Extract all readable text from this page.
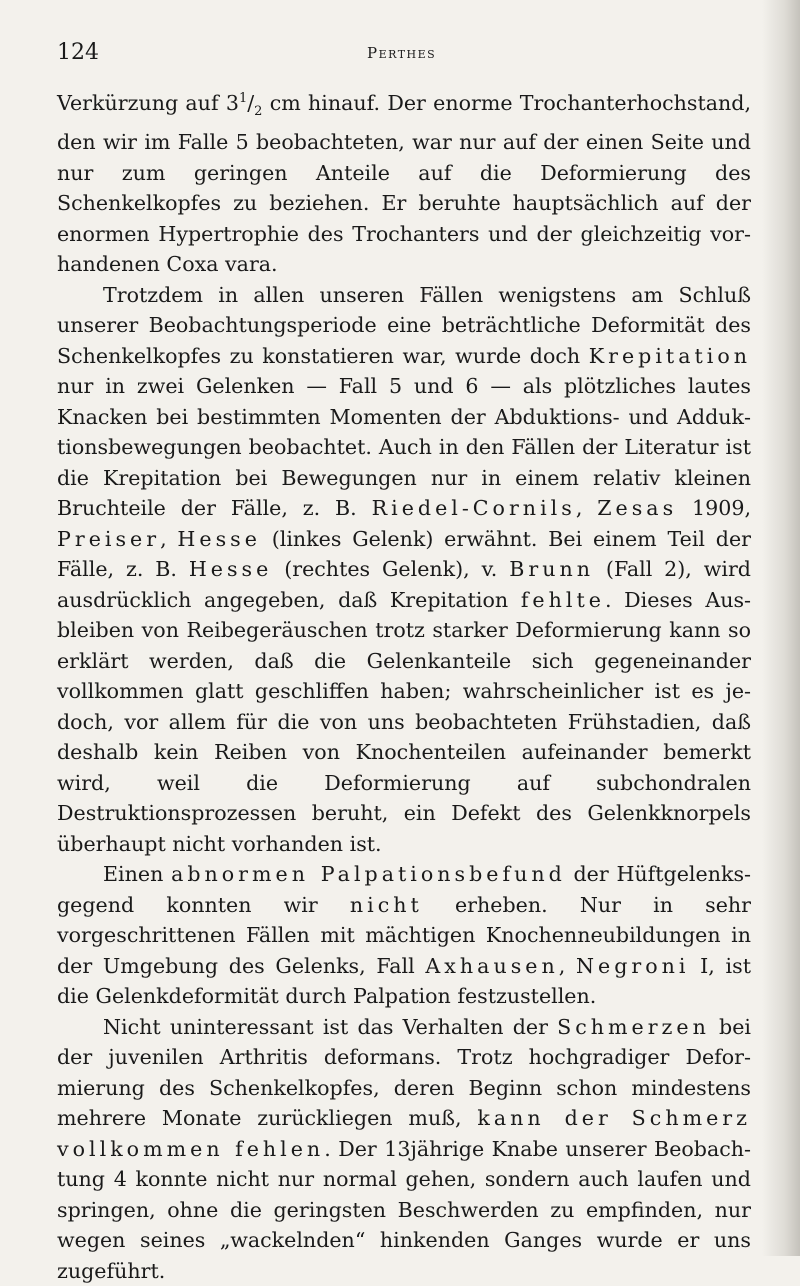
124	Perthes

Verkürzung auf $3^1/_2$ cm hinauf. Der enorme Trochanterhochstand, den wir im Falle 5 beobachteten, war nur auf der einen Seite und nur zum geringen Anteile auf die Deformierung des Schenkelkopfes zu beziehen. Er beruhte hauptsächlich auf der enormen Hypertrophie des Trochanters und der gleichzeitig vorhandenen Coxa vara.

Trotzdem in allen unseren Fällen wenigstens am Schluß unserer Beobachtungsperiode eine beträchtliche Deformität des Schenkelkopfes zu konstatieren war, wurde doch Krepitation nur in zwei Gelenken — Fall 5 und 6 — als plötzliches lautes Knacken bei bestimmten Momenten der Abduktions- und Adduktionsbewegungen beobachtet. Auch in den Fällen der Literatur ist die Krepitation bei Bewegungen nur in einem relativ kleinen Bruchteile der Fälle, z. B. Riedel-Cornils, Zesas 1909, Preiser, Hesse (linkes Gelenk) erwähnt. Bei einem Teil der Fälle, z. B. Hesse (rechtes Gelenk), v. Brunn (Fall 2), wird ausdrücklich angegeben, daß Krepitation fehlte. Dieses Ausbleiben von Reibegeräuschen trotz starker Deformierung kann so erklärt werden, daß die Gelenkanteile sich gegeneinander vollkommen glatt geschliffen haben; wahrscheinlicher ist es jedoch, vor allem für die von uns beobachteten Frühstadien, daß deshalb kein Reiben von Knochenteilen aufeinander bemerkt wird, weil die Deformierung auf subchondralen Destruktionsprozessen beruht, ein Defekt des Gelenkknorpels überhaupt nicht vorhanden ist.

Einen abnormen Palpationsbefund der Hüftgelenksgegend konnten wir nicht erheben. Nur in sehr vorgeschrittenen Fällen mit mächtigen Knochenneubildungen in der Umgebung des Gelenks, Fall Axhausen, Negroni I, ist die Gelenkdeformität durch Palpation festzustellen.

Nicht uninteressant ist das Verhalten der Schmerzen bei der juvenilen Arthritis deformans. Trotz hochgradiger Deformierung des Schenkelkopfes, deren Beginn schon mindestens mehrere Monate zurückliegen muß, kann der Schmerz vollkommen fehlen. Der 13jährige Knabe unserer Beobachtung 4 konnte nicht nur normal gehen, sondern auch laufen und springen, ohne die geringsten Beschwerden zu empfinden, nur wegen seines „wackelnden“ hinkenden Ganges wurde er uns zugeführt.
